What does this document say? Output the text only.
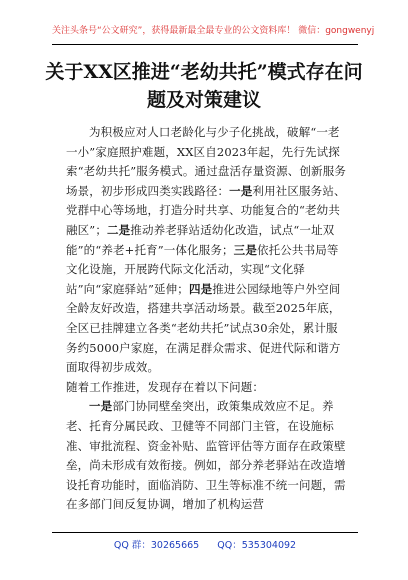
关注头条号“公文研究”，获得最新最全最专业的公文资料库！ 微信：gongwenyj
关于XX区推进“老幼共托”模式存在问题及对策建议

为积极应对人口老龄化与少子化挑战，破解“一老一小”家庭照护难题，XX区自2023年起，先行先试探索“老幼共托”服务模式。通过盘活存量资源、创新服务场景，初步形成四类实践路径：一是利用社区服务站、党群中心等场地，打造分时共享、功能复合的“老幼共融区”；二是推动养老驿站适幼化改造，试点“一址双能”的“养老+托育”一体化服务；三是依托公共书局等文化设施，开展跨代际文化活动，实现“文化驿站”向“家庭驿站”延伸；四是推进公园绿地等户外空间全龄友好改造，搭建共享活动场景。截至2025年底，全区已挂牌建立各类“老幼共托”试点30余处，累计服务约5000户家庭，在满足群众需求、促进代际和谐方面取得初步成效。

随着工作推进，发现存在着以下问题：

一是部门协同壁垒突出，政策集成效应不足。养老、托育分属民政、卫健等不同部门主管，在设施标准、审批流程、资金补贴、监管评估等方面存在政策壁垒，尚未形成有效衔接。例如，部分养老驿站在改造增设托育功能时，面临消防、卫生等标准不统一问题，需在多部门间反复协调，增加了机构运营

QQ 群：30265665 QQ：535304092
